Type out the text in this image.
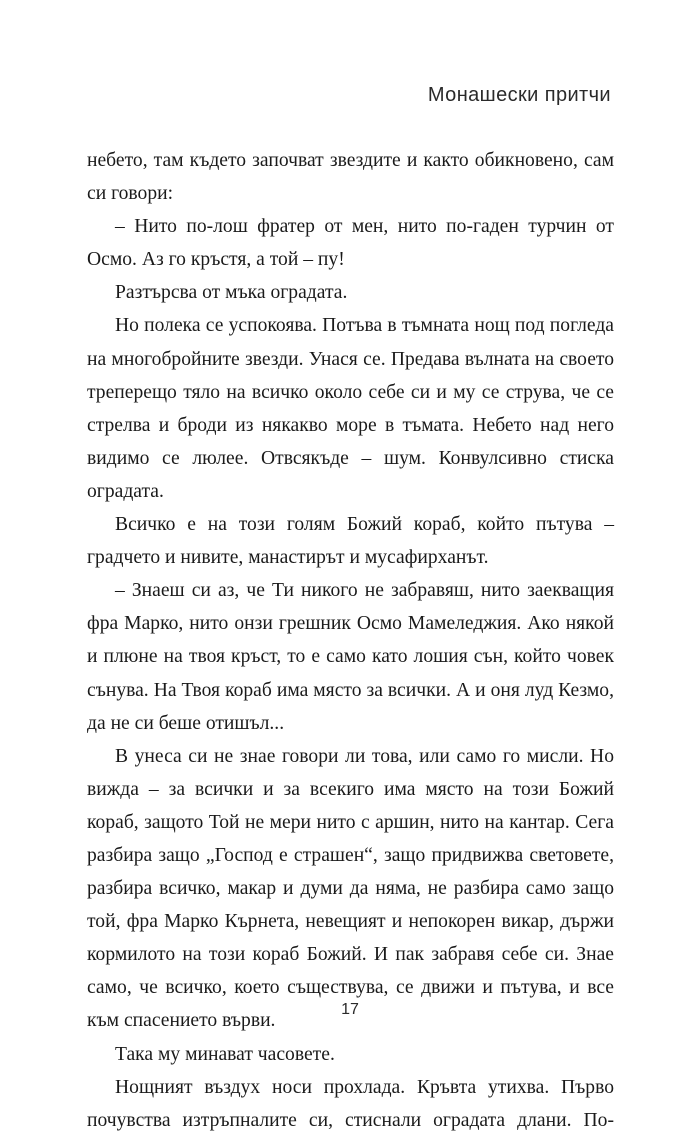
Монашески притчи

небето, там където започват звездите и както обикновено, сам си говори:

– Нито по-лош фратер от мен, нито по-гаден турчин от Осмо. Аз го кръстя, а той – пу!

Разтърсва от мъка оградата.

Но полека се успокоява. Потъва в тъмната нощ под погледа на многобройните звезди. Унася се. Предава вълната на своето треперещо тяло на всичко около себе си и му се струва, че се стрелва и броди из някакво море в тъмата. Небето над него видимо се люлее. Отвсякъде – шум. Конвулсивно стиска оградата.

Всичко е на този голям Божий кораб, който пътува – градчето и нивите, манастирът и мусафирханът.

– Знаеш си аз, че Ти никого не забравяш, нито заекващия фра Марко, нито онзи грешник Осмо Мамеледжия. Ако някой и плюне на твоя кръст, то е само като лошия сън, който човек сънува. На Твоя кораб има място за всички. А и оня луд Кезмо, да не си беше отишъл...

В унеса си не знае говори ли това, или само го мисли. Но вижда – за всички и за всекиго има място на този Божий кораб, защото Той не мери нито с аршин, нито на кантар. Сега разбира защо „Господ е страшен“, защо придвижва световете, разбира всичко, макар и думи да няма, не разбира само защо той, фра Марко Кърнета, невещият и непокорен викар, държи кормилото на този кораб Божий. И пак забравя себе си. Знае само, че всичко, което съществува, се движи и пътува, и все към спасението върви.

Така му минават часовете.

Нощният въздух носи прохлада. Кръвта утихва. Първо почувства изтръпналите си, стиснали оградата длани. По-

17
